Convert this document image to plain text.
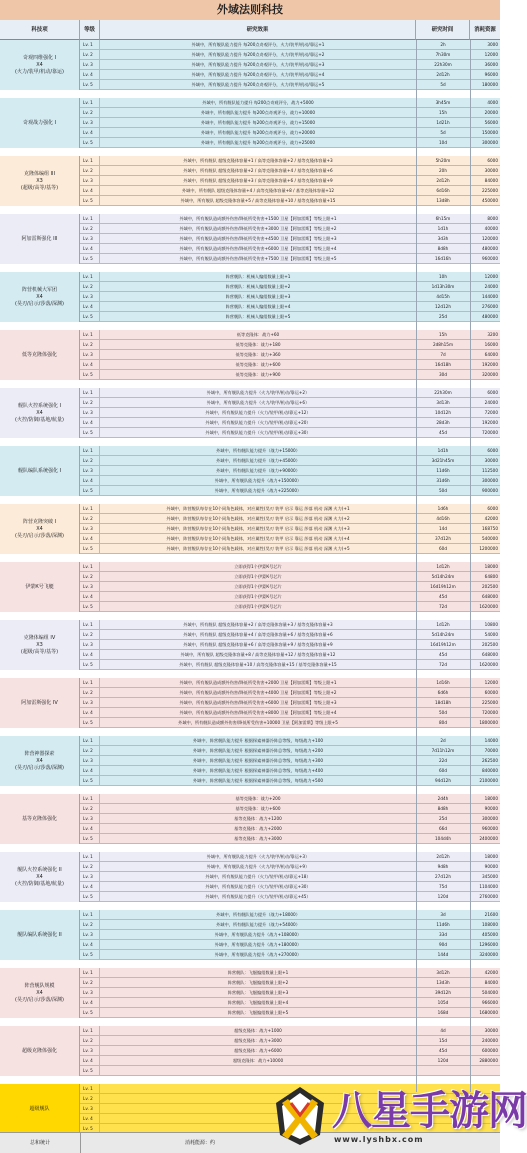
外域法则科技
科技项	等级	研究效果	研究时间	消耗资源
奇观四维强化 I
X4
(火力/装甲/机动/靠运)
Lv. 1	外域中，所有舰队能力提升 每200点奇观评分，火力/装甲/机动/靠运+1	2h	3000
Lv. 2	外域中，所有舰队能力提升 每200点奇观评分，火力/装甲/机动/靠运+2	7h30m	12000
Lv. 3	外域中，所有舰队能力提升 每200点奇观评分，火力/装甲/机动/靠运+3	22h30m	36000
Lv. 4	外域中，所有舰队能力提升 每200点奇观评分，火力/装甲/机动/靠运+4	2d12h	96000
Lv. 5	外域中，所有舰队能力提升 每200点奇观评分，火力/装甲/机动/靠运+5	5d	180000
奇观战力强化 I
Lv. 1	外域中，所有舰队能力提升 每200点奇观评分，战力+5000	3h45m	4000
Lv. 2	外域中，所有舰队能力提升 每200点奇观评分，战力+10000	15h	20000
Lv. 3	外域中，所有舰队能力提升 每200点奇观评分，战力+15000	1d21h	56000
Lv. 4	外域中，所有舰队能力提升 每200点奇观评分，战力+20000	5d	150000
Lv. 5	外域中，所有舰队能力提升 每200点奇观评分，战力+25000	10d	300000
克隆体编组 III
X3
(超级/高等/基等)
Lv. 1	外域中，所有舰队 超级克隆体容量+1 / 高等克隆体容量+2 / 基等克隆体容量+3	5h20m	6000
Lv. 2	外域中，所有舰队 超级克隆体容量+2 / 高等克隆体容量+4 / 基等克隆体容量+6	20h	30000
Lv. 3	外域中，所有舰队 超级克隆体容量+3 / 高等克隆体容量+6 / 基等克隆体容量+9	2d12h	84000
Lv. 4	外域中，所有舰队 超级克隆体容量+4 / 高等克隆体容量+8 / 基等克隆体容量+12	6d16h	225000
Lv. 5	外域中，所有舰队 超级克隆体容量+5 / 高等克隆体容量+10 / 基等克隆体容量+15	13d8h	450000
阿加雷斯强化 III
Lv. 1	外域中，所有舰队造成额外伤害/降低所受伤害+1500 卫星【阿加雷斯】等级上限+1	6h15m	8000
Lv. 2	外域中，所有舰队造成额外伤害/降低所受伤害+3000 卫星【阿加雷斯】等级上限+2	1d1h	40000
Lv. 3	外域中，所有舰队造成额外伤害/降低所受伤害+4500 卫星【阿加雷斯】等级上限+3	3d3h	120000
Lv. 4	外域中，所有舰队造成额外伤害/降低所受伤害+6000 卫星【阿加雷斯】等级上限+4	8d8h	480000
Lv. 5	外域中，所有舰队造成额外伤害/降低所受伤害+7500 卫星【阿加雷斯】等级上限+5	16d16h	960000
阵营机械大军团
X4
(昊刃/启示/莎落/深渊)
Lv. 1	阵营舰队：机械人编组数量上限+1	10h	12000
Lv. 2	阵营舰队：机械人编组数量上限+2	1d13h30m	24000
Lv. 3	阵营舰队：机械人编组数量上限+3	4d15h	144000
Lv. 4	阵营舰队：机械人编组数量上限+4	12d12h	276000
Lv. 5	阵营舰队：机械人编组数量上限+5	25d	480000
低等克隆体强化
Lv. 1	低等克隆体：战力+60	15h	3200
Lv. 2	低等克隆体：战力+180	2d8h15m	16000
Lv. 3	低等克隆体：战力+360	7d	64000
Lv. 4	低等克隆体：战力+600	16d18h	192000
Lv. 5	低等克隆体：战力+900	30d	320000
舰队火控系统强化 I
X4
(火控/防御/基地/航量)
Lv. 1	外域中，所有舰队能力提升（火力/装甲/机动/靠运+2）	22h30m	6000
Lv. 2	外域中，所有舰队能力提升（火力/装甲/机动/靠运+6）	3d13h	24000
Lv. 3	外域中，所有舰队能力提升（火力/装甲/机动/靠运+12）	10d12h	72000
Lv. 4	外域中，所有舰队能力提升（火力/装甲/机动/靠运+20）	28d3h	192000
Lv. 5	外域中，所有舰队能力提升（火力/装甲/机动/靠运+30）	45d	720000
舰队编队系统强化 I
Lv. 1	外域中，所有舰队能力提升（战力+15000）	1d1h	6000
Lv. 2	外域中，所有舰队能力提升（战力+45000）	3d21h45m	30000
Lv. 3	外域中，所有舰队能力提升（战力+90000）	11d6h	112500
Lv. 4	外域中，所有舰队能力提升（战力+150000）	31d6h	300000
Lv. 5	外域中，所有舰队能力提升（战力+225000）	50d	900000
阵营克隆突破 I
X4
(昊刃/启示/莎落/深渊)
Lv. 1	外域中，阵营舰队每存在10个同角色载体，对应属性(昊刃 装甲 启示 靠运 莎落 机动 深渊 火力)+1	1d6h	6000
Lv. 2	外域中，阵营舰队每存在10个同角色载体，对应属性(昊刃 装甲 启示 靠运 莎落 机动 深渊 火力)+2	4d16h	42000
Lv. 3	外域中，阵营舰队每存在10个同角色载体，对应属性(昊刃 装甲 启示 靠运 莎落 机动 深渊 火力)+3	14d	168750
Lv. 4	外域中，阵营舰队每存在10个同角色载体，对应属性(昊刃 装甲 启示 靠运 莎落 机动 深渊 火力)+4	37d12h	540000
Lv. 5	外域中，阵营舰队每存在10个同角色载体，对应属性(昊刃 装甲 启示 靠运 莎落 机动 深渊 火力)+5	60d	1200000
伊蒙К号飞艇
Lv. 1	立即获得1个伊蒙К号芯片	1d12h	18000
Lv. 2	立即获得1个伊蒙К号芯片	5d14h24m	64800
Lv. 3	立即获得1个伊蒙К号芯片	16d19h12m	202500
Lv. 4	立即获得1个伊蒙К号芯片	45d	648000
Lv. 5	立即获得1个伊蒙К号芯片	72d	1620000
克隆体编组 IV
X3
(超级/高等/基等)
Lv. 1	外域中，所有舰队 超级克隆体容量+2 / 高等克隆体容量+3 / 基等克隆体容量+3	1d12h	10800
Lv. 2	外域中，所有舰队 超级克隆体容量+4 / 高等克隆体容量+6 / 基等克隆体容量+6	5d14h24m	54000
Lv. 3	外域中，所有舰队 超级克隆体容量+6 / 高等克隆体容量+9 / 基等克隆体容量+9	16d19h12m	202500
Lv. 4	外域中，所有舰队 超级克隆体容量+8 / 高等克隆体容量+12 / 基等克隆体容量+12	45d	648000
Lv. 5	外域中，所有舰队 超级克隆体容量+10 / 高等克隆体容量+15 / 基等克隆体容量+15	72d	1620000
阿加雷斯强化 IV
Lv. 1	外域中，所有舰队造成额外伤害/降低所受伤害+2000 卫星【阿加雷斯】等级上限+1	1d16h	12000
Lv. 2	外域中，所有舰队造成额外伤害/降低所受伤害+4000 卫星【阿加雷斯】等级上限+2	6d6h	60000
Lv. 3	外域中，所有舰队造成额外伤害/降低所受伤害+6000 卫星【阿加雷斯】等级上限+3	18d18h	225000
Lv. 4	外域中，所有舰队造成额外伤害/降低所受伤害+8000 卫星【阿加雷斯】等级上限+4	50d	720000
Lv. 5	外域中，所有舰队造成额外伤害/降低所受伤害+10000 卫星【阿加雷斯】等级上限+5	80d	1800000
阵营神器探索
X4
(昊刃/启示/莎落/深渊)
Lv. 1	外域中，阵营舰队能力提升 根据探索神器冷阵总等级，每级战力+100	2d	14000
Lv. 2	外域中，阵营舰队能力提升 根据探索神器冷阵总等级，每级战力+200	7d11h12m	70000
Lv. 3	外域中，阵营舰队能力提升 根据探索神器冷阵总等级，每级战力+300	22d	262500
Lv. 4	外域中，阵营舰队能力提升 根据探索神器冷阵总等级，每级战力+400	60d	840000
Lv. 5	外域中，阵营舰队能力提升 根据探索神器冷阵总等级，每级战力+500	94d12h	2100000
基等克隆体强化
Lv. 1	基等克隆体：战力+200	2d4h	18000
Lv. 2	基等克隆体：战力+600	8d8h	90000
Lv. 3	基等克隆体：战力+1200	25d	300000
Lv. 4	基等克隆体：战力+2000	66d	960000
Lv. 5	基等克隆体：战力+3000	104d4h	2400000
舰队火控系统强化 II
X4
(火控/防御/基地/航量)
Lv. 1	外域中，所有舰队能力提升（火力/装甲/机动/靠运+3）	2d12h	18000
Lv. 2	外域中，所有舰队能力提升（火力/装甲/机动/靠运+9）	9d8h	90000
Lv. 3	外域中，所有舰队能力提升（火力/装甲/机动/靠运+18）	27d12h	345000
Lv. 4	外域中，所有舰队能力提升（火力/装甲/机动/靠运+30）	75d	1104000
Lv. 5	外域中，所有舰队能力提升（火力/装甲/机动/靠运+45）	120d	2760000
舰队编队系统强化 II
Lv. 1	外域中，所有舰队能力提升（战力+18000）	3d	21600
Lv. 2	外域中，所有舰队能力提升（战力+54000）	11d6h	108000
Lv. 3	外域中，所有舰队能力提升（战力+108000）	33d	405000
Lv. 4	外域中，所有舰队能力提升（战力+180000）	90d	1296000
Lv. 5	外域中，所有舰队能力提升（战力+270000）	144d	3240000
阵营舰队规模
X4
(昊刃/启示/莎落/深渊)
Lv. 1	阵营舰队：飞艇编组数量上限+1	3d12h	42000
Lv. 2	阵营舰队：飞艇编组数量上限+2	13d3h	84000
Lv. 3	阵营舰队：飞艇编组数量上限+3	39d12h	504000
Lv. 4	阵营舰队：飞艇编组数量上限+4	105d	966000
Lv. 5	阵营舰队：飞艇编组数量上限+5	168d	1680000
超级克隆体强化
Lv. 1	超级克隆体：战力+1000	4d	30000
Lv. 2	超级克隆体：战力+3000	15d	240000
Lv. 3	超级克隆体：战力+6000	45d	600000
Lv. 4	超级克隆体：战力+10000	120d	2880000
Lv. 5
超级舰队
Lv. 1
Lv. 2
Lv. 3
Lv. 4
Lv. 5
总和统计	消耗能源：约
八星手游网
www.lyshbx.com
